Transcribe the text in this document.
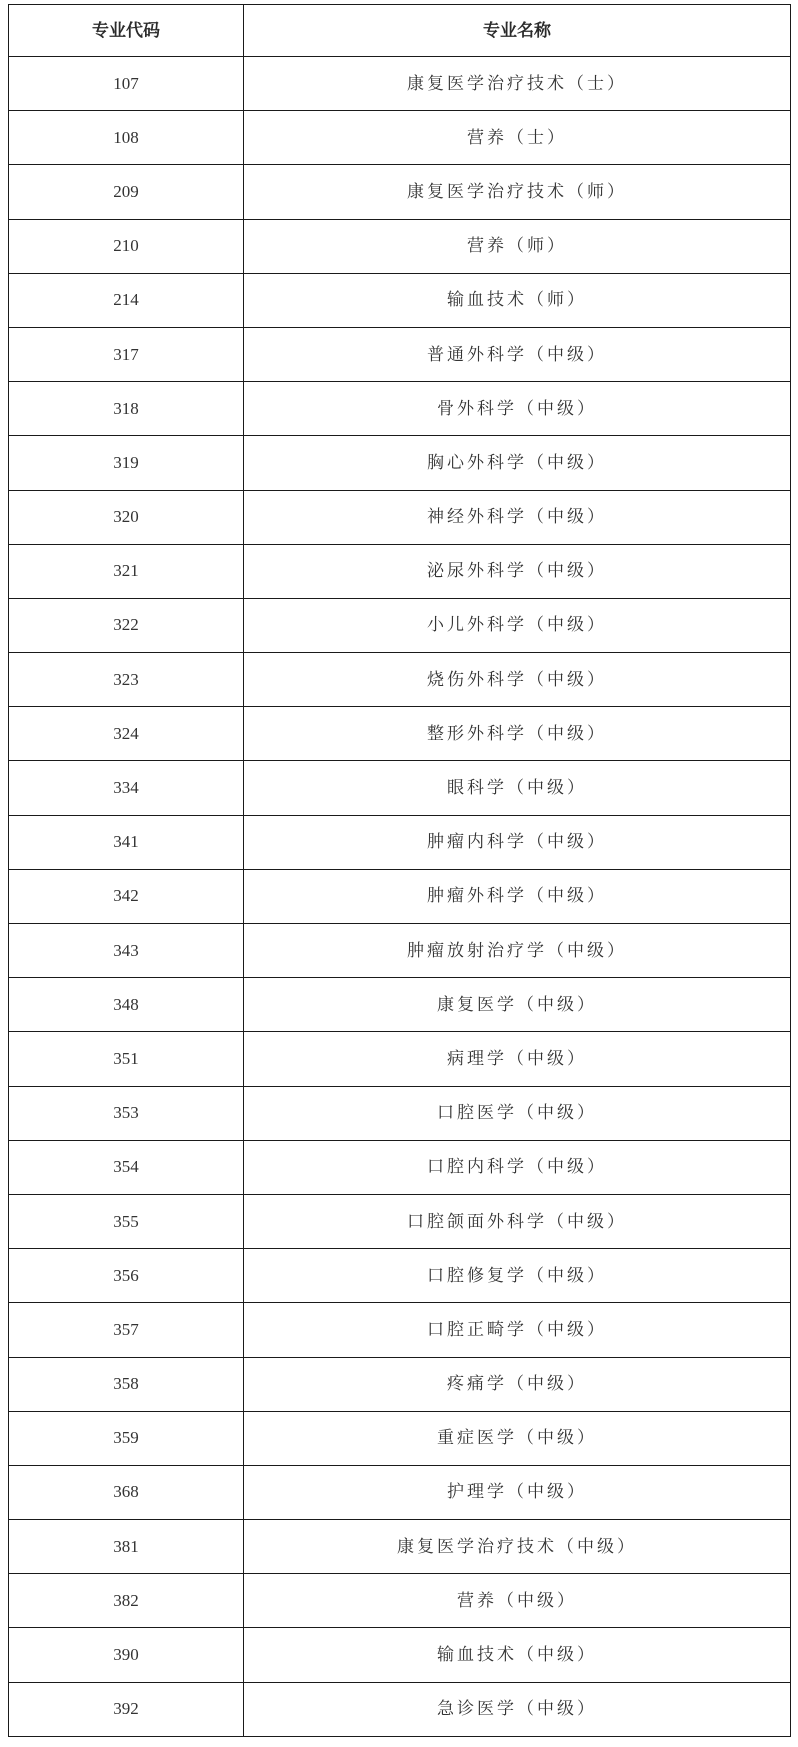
专业代码	专业名称
107	康复医学治疗技术（士）
108	营养（士）
209	康复医学治疗技术（师）
210	营养（师）
214	输血技术（师）
317	普通外科学（中级）
318	骨外科学（中级）
319	胸心外科学（中级）
320	神经外科学（中级）
321	泌尿外科学（中级）
322	小儿外科学（中级）
323	烧伤外科学（中级）
324	整形外科学（中级）
334	眼科学（中级）
341	肿瘤内科学（中级）
342	肿瘤外科学（中级）
343	肿瘤放射治疗学（中级）
348	康复医学（中级）
351	病理学（中级）
353	口腔医学（中级）
354	口腔内科学（中级）
355	口腔颌面外科学（中级）
356	口腔修复学（中级）
357	口腔正畸学（中级）
358	疼痛学（中级）
359	重症医学（中级）
368	护理学（中级）
381	康复医学治疗技术（中级）
382	营养（中级）
390	输血技术（中级）
392	急诊医学（中级）
